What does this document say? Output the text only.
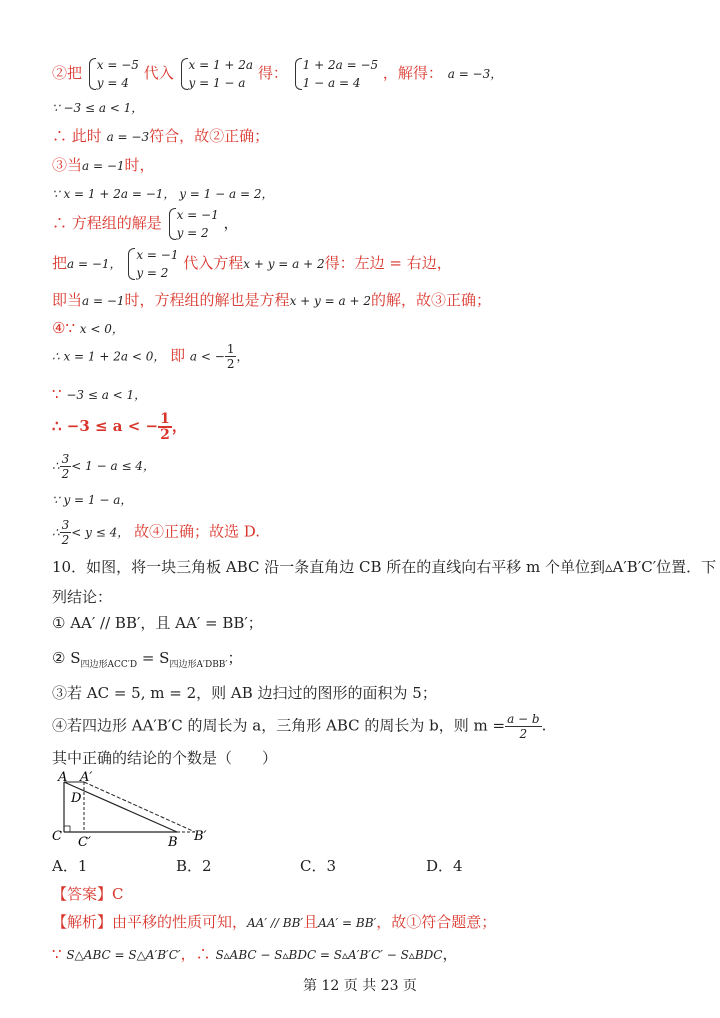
②把 x = −5
y = 4
代入 x = 1 + 2a
y = 1 − a
得： 1 + 2a = −5
1 − a = 4
，解得： a = −3，
∵ −3 ≤ a < 1，
∴ 此时 a = −3符合，故②正确；
③当a = −1时，
∵ x = 1 + 2a = −1， y = 1 − a = 2，
∴ 方程组的解是 x = −1
y = 2
，
把a = −1，
x = −1
y = 2
代入方程x + y = a + 2得：左边 = 右边，
即当a = −1时，方程组的解也是方程x + y = a + 2的解，故③正确；
④∵ x < 0，
∴ x = 1 + 2a < 0， 即 a < − $\frac{1}{2}$ ，
∵ −3 ≤ a < 1，
∴ −3 ≤ a < − $\frac{1}{2}$ ，
∴ $\frac{3}{2} < 1 - a \le 4$，
∵ y = 1 − a，
∴ $\frac{3}{2} < y \le 4$， 故④正确；故选 D.
10．如图，将一块三角板 ABC 沿一条直角边 CB 所在的直线向右平移 m 个单位到▵A′B′C′位置．下
列结论：
① AA′ // BB′，且 AA′ = BB′；
② $S_{四边形ACC'D} = S_{四边形A'DBB'}$；
③若 AC = 5, m = 2，则 AB 边扫过的图形的面积为 5；
④若四边形 AA′B′C 的周长为 a，三角形 ABC 的周长为 b，则 $m = \frac{a - b}{2}$ .
其中正确的结论的个数是（　　）
A A′
D
C C′	B B′
A．1	B．2	C．3	D．4
【答案】C
【解析】由平移的性质可知，AA′ // BB′且AA′ = BB′，故①符合题意；
∵ S△ABC = S△A′B′C′，∴ S▵ABC − S▵BDC = S▵A′B′C′ − S▵BDC，
第 12 页 共 23 页
